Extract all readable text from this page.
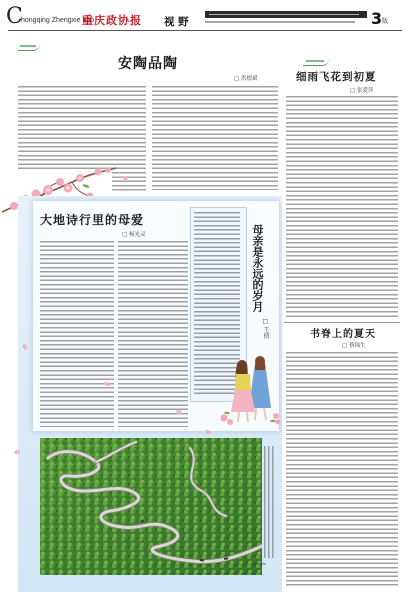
C
hongqing Zhengxie bao
重庆政协报 视 野	3 版
安陶品陶
□ 洪德斌	细雨飞花到初夏
□ 张爱萍
书脊上的夏天
□ 蔡锦生
大地诗行里的母爱
□ 杨光灵	母亲是永远的岁月
□ 王倩
